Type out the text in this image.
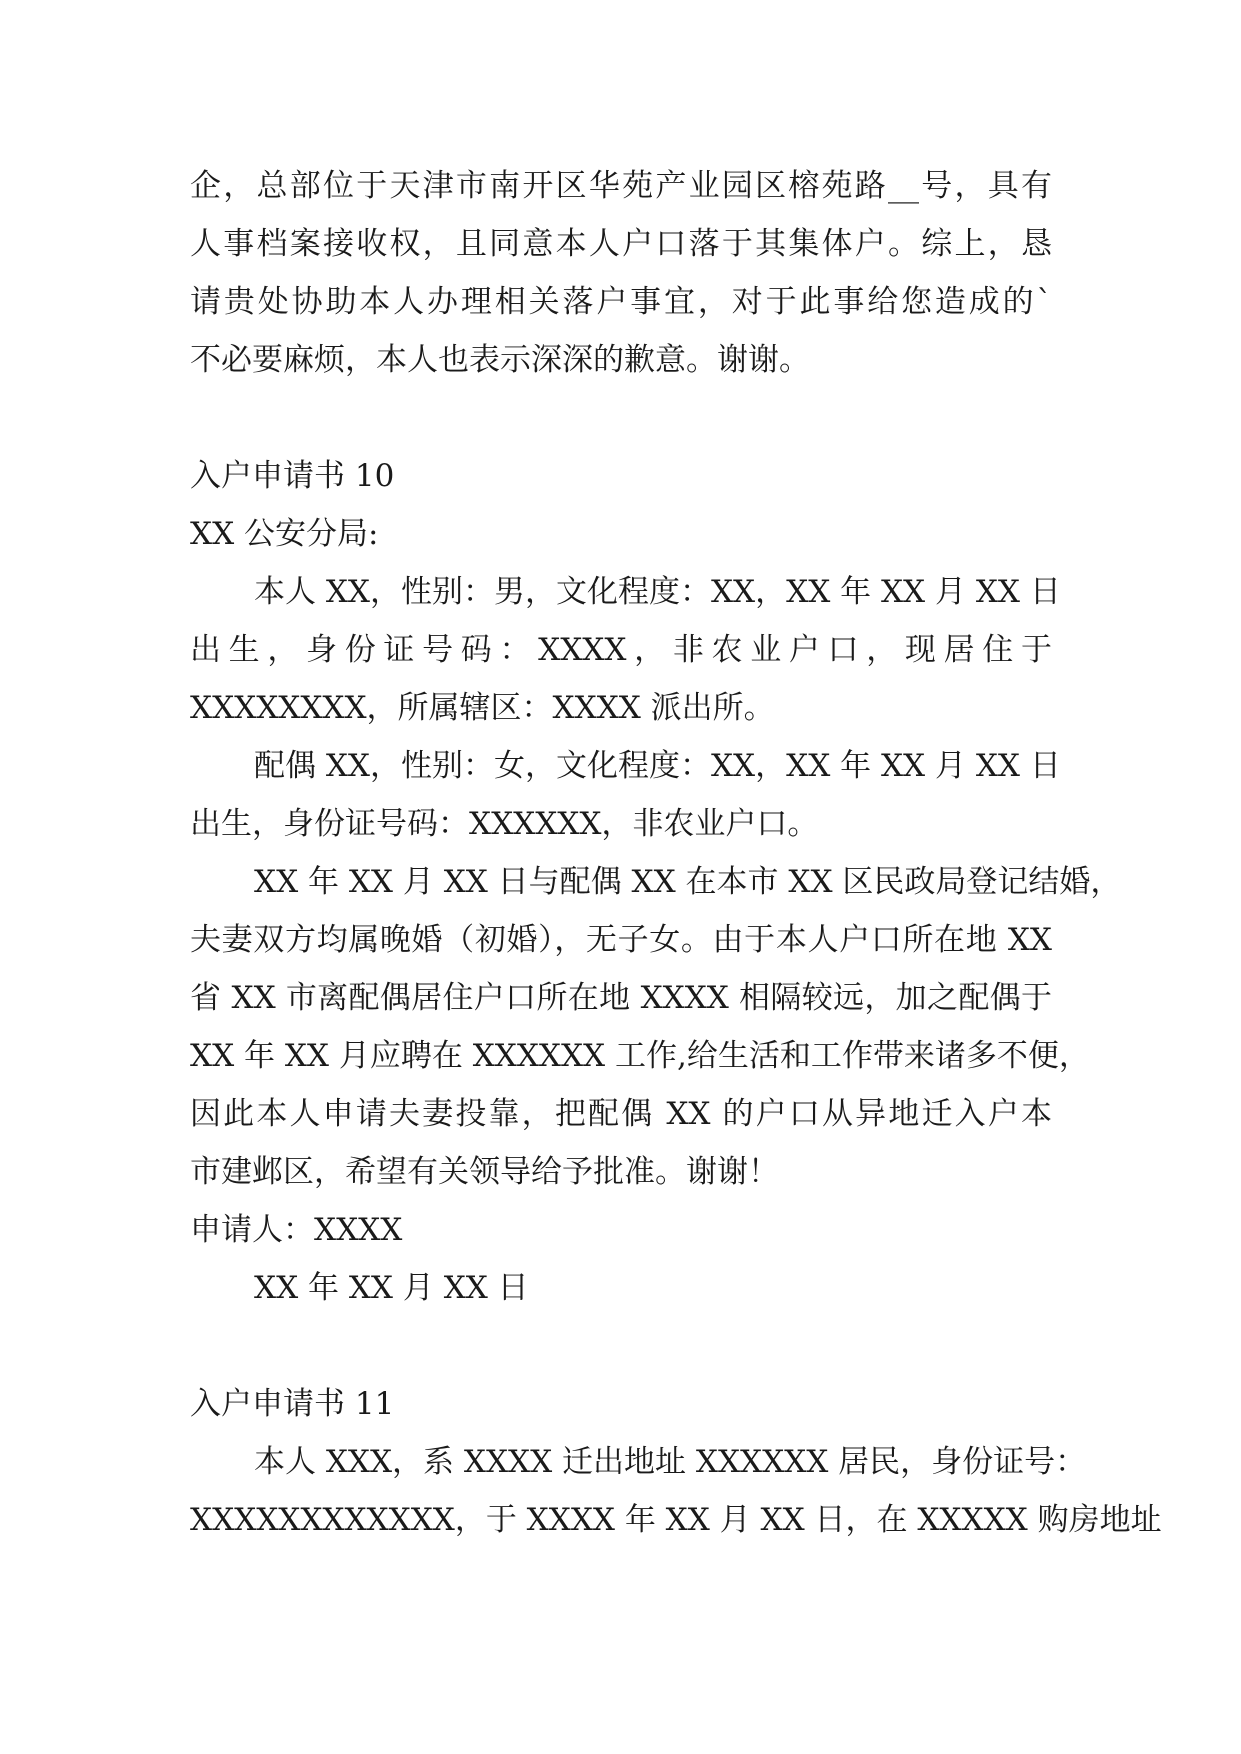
企，总部位于天津市南开区华苑产业园区榕苑路__号，具有
人事档案接收权，且同意本人户口落于其集体户。综上，恳
请贵处协助本人办理相关落户事宜，对于此事给您造成的`
不必要麻烦，本人也表示深深的歉意。谢谢。
入户申请书 10
XX 公安分局:
本人 XX，性别：男，文化程度：XX，XX 年 XX 月 XX 日
出生，身份证号码：XXXX，非农业户口，现居住于
XXXXXXXX，所属辖区：XXXX 派出所。
配偶 XX，性别：女，文化程度：XX，XX 年 XX 月 XX 日
出生，身份证号码：XXXXXX，非农业户口。
XX 年 XX 月 XX 日与配偶 XX 在本市 XX 区民政局登记结婚，
夫妻双方均属晚婚（初婚），无子女。由于本人户口所在地 XX
省 XX 市离配偶居住户口所在地 XXXX 相隔较远，加之配偶于
XX 年 XX 月应聘在 XXXXXX 工作,给生活和工作带来诸多不便，
因此本人申请夫妻投靠，把配偶 XX 的户口从异地迁入户本
市建邺区，希望有关领导给予批准。谢谢！
申请人：XXXX
XX 年 XX 月 XX 日
入户申请书 11
本人 XXX，系 XXXX 迁出地址 XXXXXX 居民，身份证号：
XXXXXXXXXXXX，于 XXXX 年 XX 月 XX 日，在 XXXXX 购房地址
